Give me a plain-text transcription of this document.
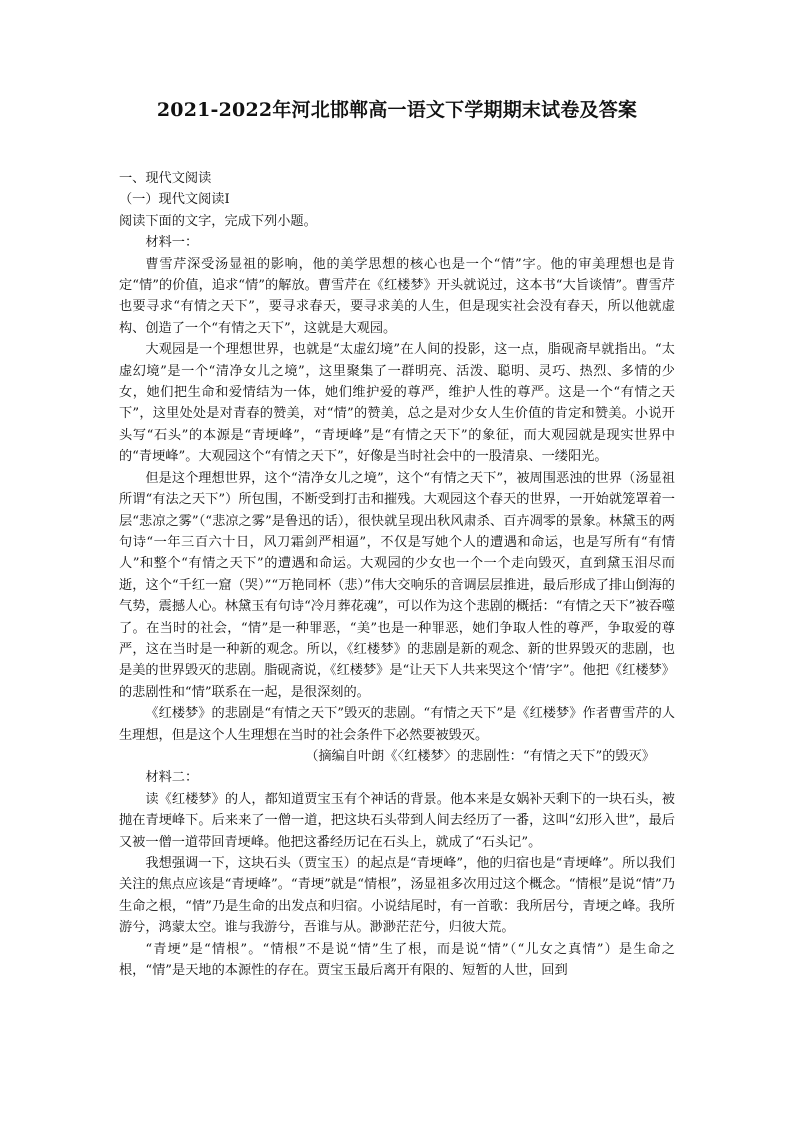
2021-2022年河北邯郸高一语文下学期期末试卷及答案

一、现代文阅读

（一）现代文阅读Ⅰ

阅读下面的文字，完成下列小题。

材料一：

曹雪芹深受汤显祖的影响，他的美学思想的核心也是一个“情”字。他的审美理想也是肯定“情”的价值，追求“情”的解放。曹雪芹在《红楼梦》开头就说过，这本书“大旨谈情”。曹雪芹也要寻求“有情之天下”，要寻求春天，要寻求美的人生，但是现实社会没有春天，所以他就虚构、创造了一个“有情之天下”，这就是大观园。

大观园是一个理想世界，也就是“太虚幻境”在人间的投影，这一点，脂砚斋早就指出。“太虚幻境”是一个“清净女儿之境”，这里聚集了一群明亮、活泼、聪明、灵巧、热烈、多情的少女，她们把生命和爱情结为一体，她们维护爱的尊严，维护人性的尊严。这是一个“有情之天下”，这里处处是对青春的赞美，对“情”的赞美，总之是对少女人生价值的肯定和赞美。小说开头写“石头”的本源是“青埂峰”，“青埂峰”是“有情之天下”的象征，而大观园就是现实世界中的“青埂峰”。大观园这个“有情之天下”，好像是当时社会中的一股清泉、一缕阳光。

但是这个理想世界，这个“清净女儿之境”，这个“有情之天下”，被周围恶浊的世界（汤显祖所谓“有法之天下”）所包围，不断受到打击和摧残。大观园这个春天的世界，一开始就笼罩着一层“悲凉之雾”（“悲凉之雾”是鲁迅的话），很快就呈现出秋风肃杀、百卉凋零的景象。林黛玉的两句诗“一年三百六十日，风刀霜剑严相逼”，不仅是写她个人的遭遇和命运，也是写所有“有情人”和整个“有情之天下”的遭遇和命运。大观园的少女也一个一个走向毁灭，直到黛玉泪尽而逝，这个“千红一窟（哭）”“万艳同杯（悲）”伟大交响乐的音调层层推进，最后形成了排山倒海的气势，震撼人心。林黛玉有句诗“冷月葬花魂”，可以作为这个悲剧的概括：“有情之天下”被吞噬了。在当时的社会，“情”是一种罪恶，“美”也是一种罪恶，她们争取人性的尊严，争取爱的尊严，这在当时是一种新的观念。所以，《红楼梦》的悲剧是新的观念、新的世界毁灭的悲剧，也是美的世界毁灭的悲剧。脂砚斋说，《红楼梦》是“让天下人共来哭这个‘情’字”。他把《红楼梦》的悲剧性和“情”联系在一起，是很深刻的。

《红楼梦》的悲剧是“有情之天下”毁灭的悲剧。“有情之天下”是《红楼梦》作者曹雪芹的人生理想，但是这个人生理想在当时的社会条件下必然要被毁灭。

（摘编自叶朗《〈红楼梦〉的悲剧性：“有情之天下”的毁灭》

材料二：

读《红楼梦》的人，都知道贾宝玉有个神话的背景。他本来是女娲补天剩下的一块石头，被抛在青埂峰下。后来来了一僧一道，把这块石头带到人间去经历了一番，这叫“幻形入世”，最后又被一僧一道带回青埂峰。他把这番经历记在石头上，就成了“石头记”。

我想强调一下，这块石头（贾宝玉）的起点是“青埂峰”，他的归宿也是“青埂峰”。所以我们关注的焦点应该是“青埂峰”。“青埂”就是“情根”，汤显祖多次用过这个概念。“情根”是说“情”乃生命之根，“情”乃是生命的出发点和归宿。小说结尾时，有一首歌：我所居兮，青埂之峰。我所游兮，鸿蒙太空。谁与我游兮，吾谁与从。渺渺茫茫兮，归彼大荒。

“青埂”是“情根”。“情根”不是说“情”生了根，而是说“情”（“儿女之真情”）是生命之根，“情”是天地的本源性的存在。贾宝玉最后离开有限的、短暂的人世，回到
